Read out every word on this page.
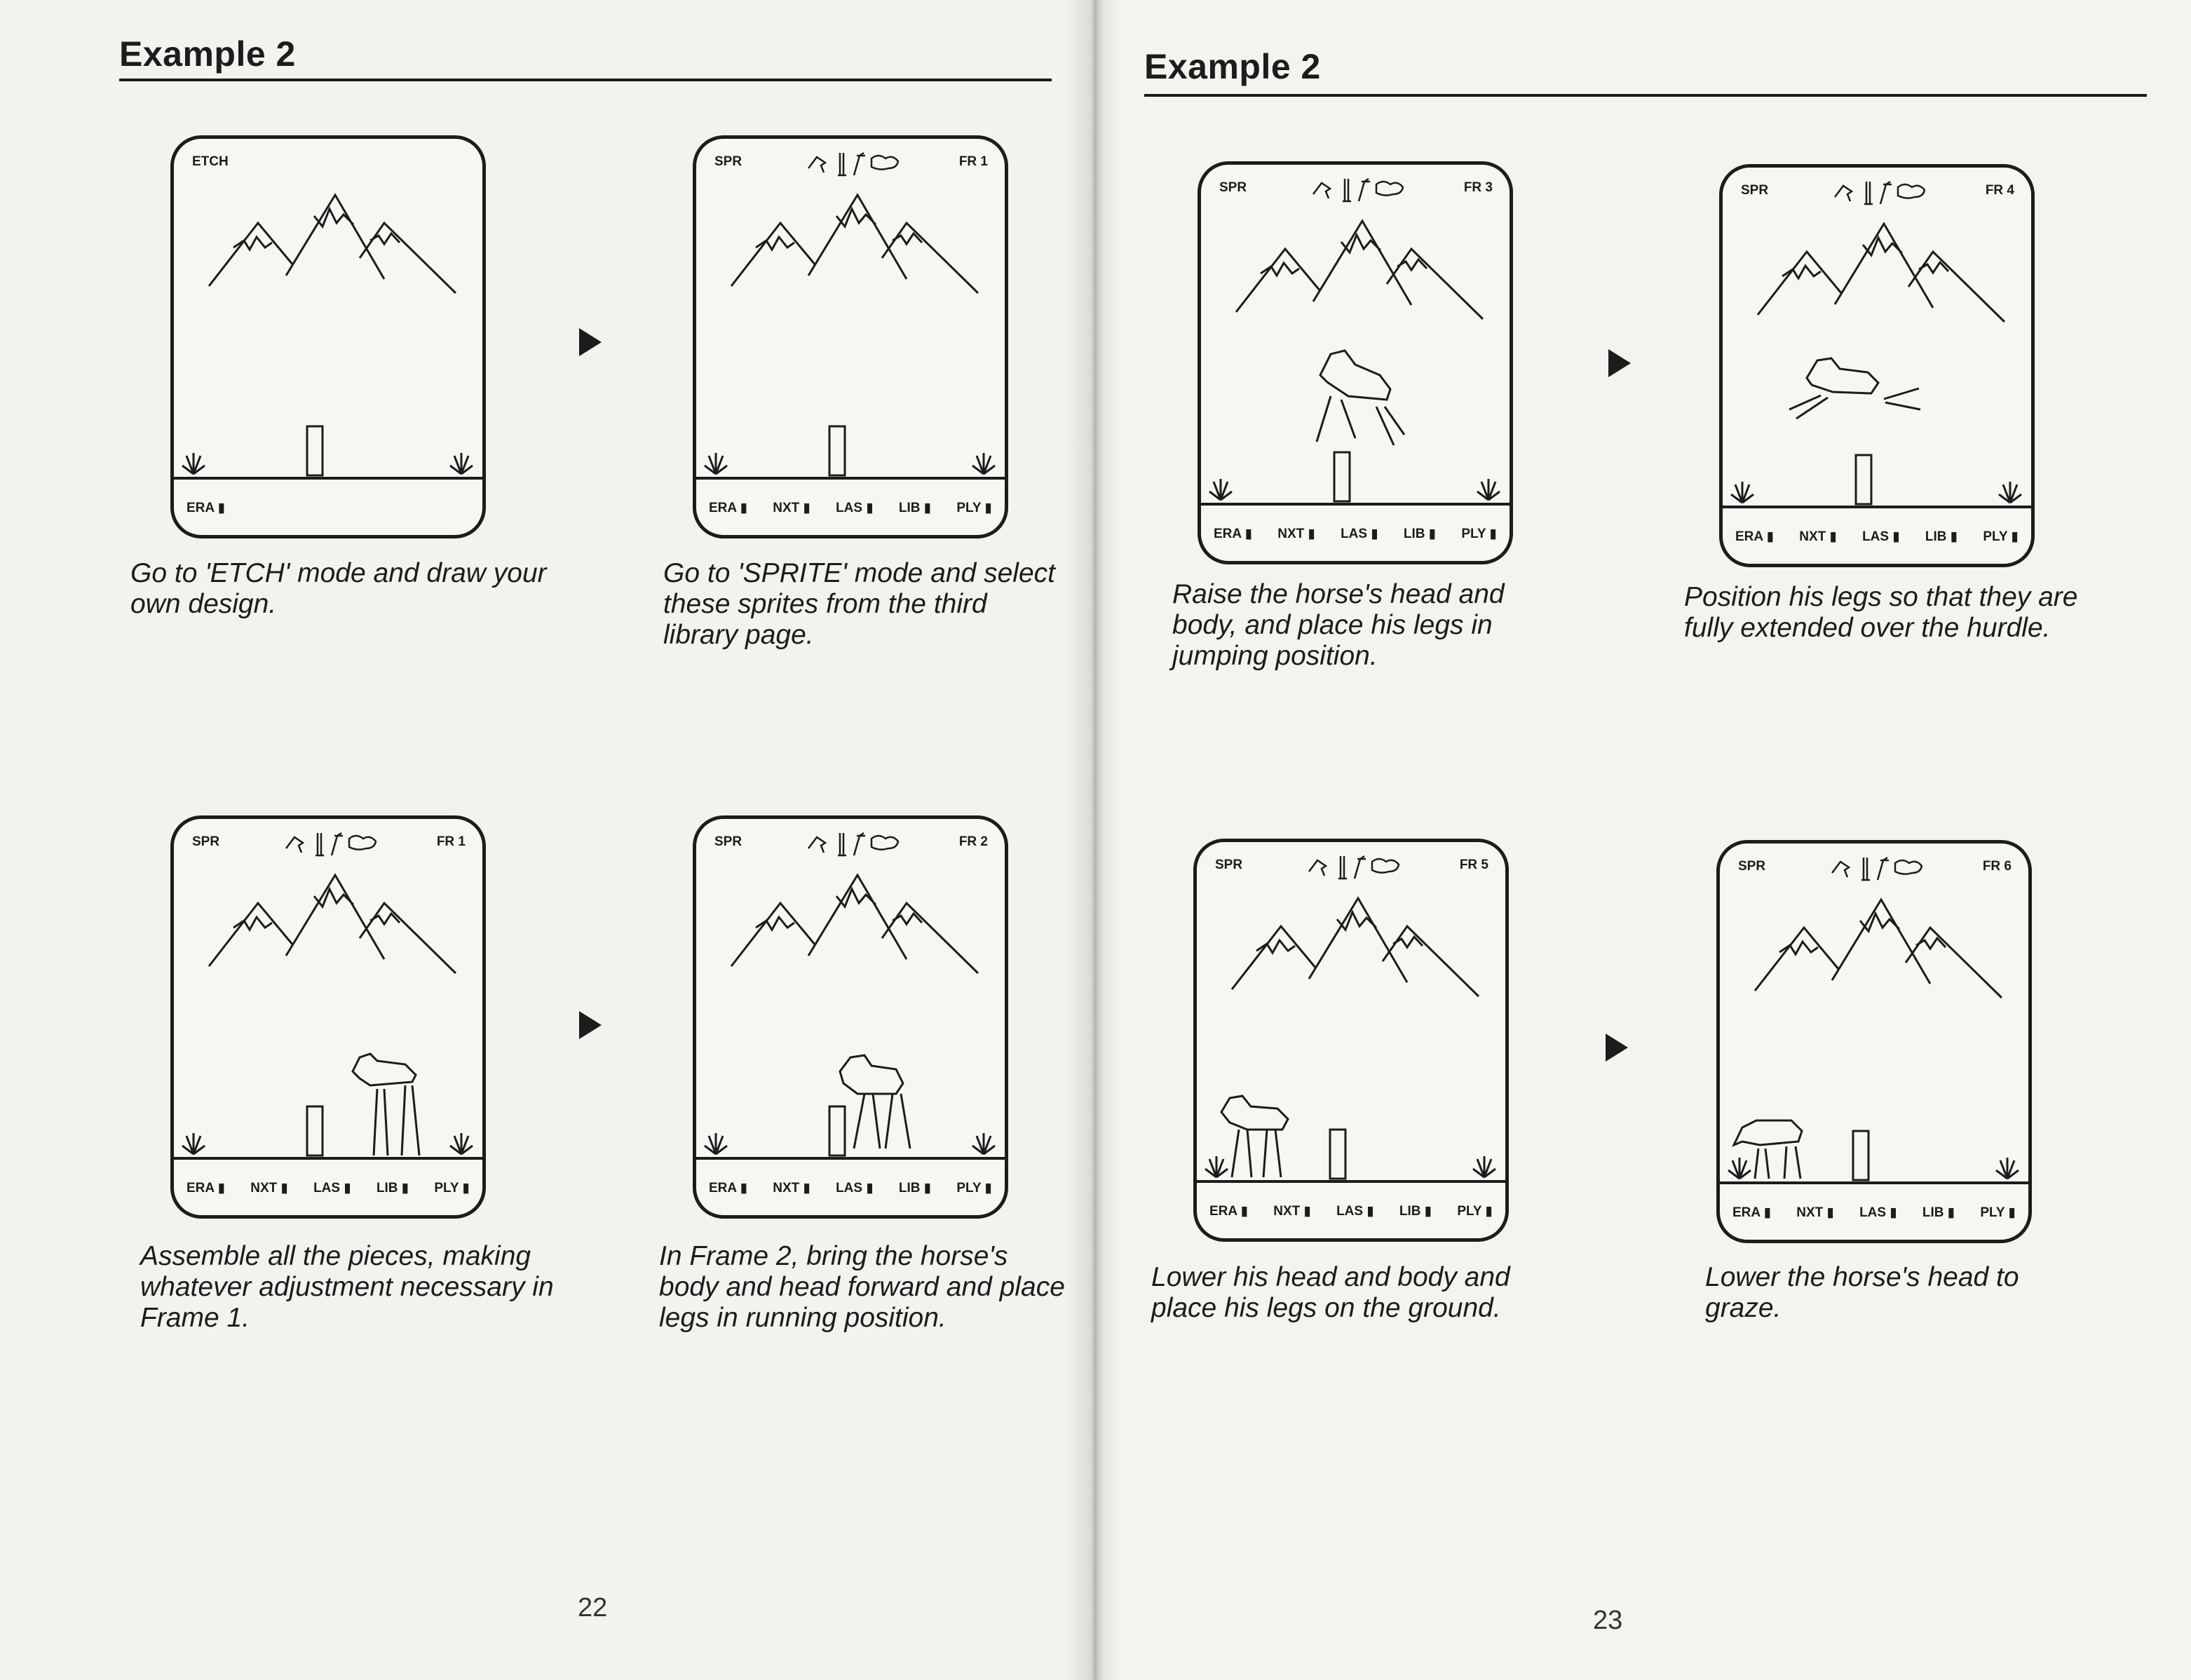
Example 2
ETCH
ERA ▮
SPR	FR 1
ERA ▮ NXT ▮ LAS ▮ LIB ▮ PLY ▮
Go to 'ETCH' mode and draw your own design.
Go to 'SPRITE' mode and select these sprites from the third library page.
SPR	FR 1
ERA ▮ NXT ▮ LAS ▮ LIB ▮ PLY ▮
SPR	FR 2
ERA ▮ NXT ▮ LAS ▮ LIB ▮ PLY ▮
Assemble all the pieces, making whatever adjustment necessary in Frame 1.
In Frame 2, bring the horse's body and head forward and place legs in running position.
22
Example 2
SPR	FR 3
ERA ▮ NXT ▮ LAS ▮ LIB ▮ PLY ▮
SPR	FR 4
ERA ▮ NXT ▮ LAS ▮ LIB ▮ PLY ▮
Raise the horse's head and body, and place his legs in jumping position.
Position his legs so that they are fully extended over the hurdle.
SPR	FR 5
ERA ▮ NXT ▮ LAS ▮ LIB ▮ PLY ▮
SPR	FR 6
ERA ▮ NXT ▮ LAS ▮ LIB ▮ PLY ▮
Lower his head and body and place his legs on the ground.
Lower the horse's head to graze.
23
